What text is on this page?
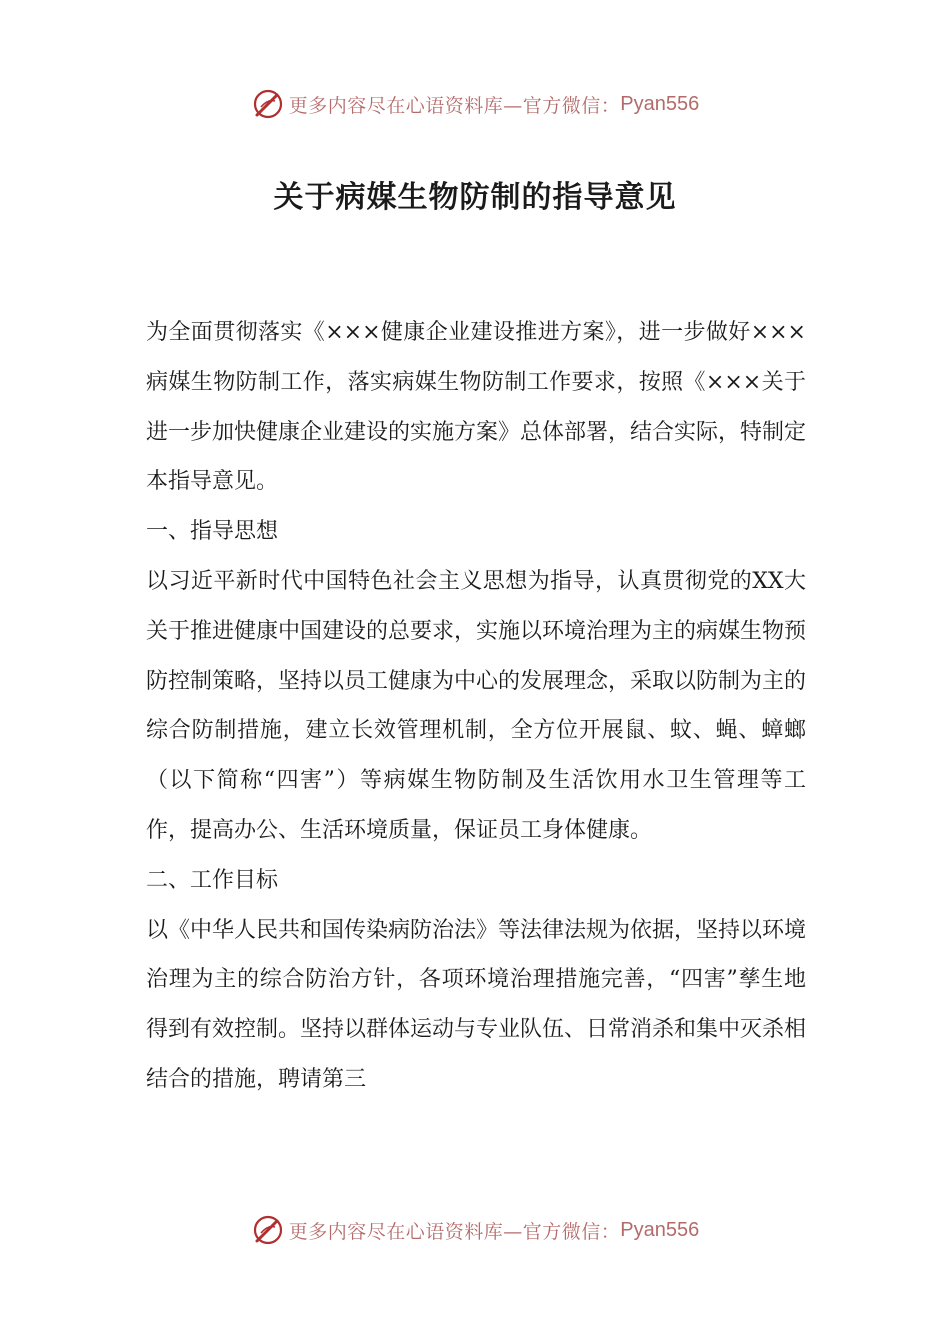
更多内容尽在心语资料库—官方微信： Pyan556
关于病媒生物防制的指导意见

为全面贯彻落实《×××健康企业建设推进方案》，进一步做好×××病媒生物防制工作，落实病媒生物防制工作要求，按照《×××关于进一步加快健康企业建设的实施方案》总体部署，结合实际，特制定本指导意见。

一、指导思想

以习近平新时代中国特色社会主义思想为指导，认真贯彻党的XX大关于推进健康中国建设的总要求，实施以环境治理为主的病媒生物预防控制策略，坚持以员工健康为中心的发展理念，采取以防制为主的综合防制措施，建立长效管理机制，全方位开展鼠、蚊、蝇、蟑螂（以下简称“四害”）等病媒生物防制及生活饮用水卫生管理等工作，提高办公、生活环境质量，保证员工身体健康。

二、工作目标

以《中华人民共和国传染病防治法》等法律法规为依据，坚持以环境治理为主的综合防治方针，各项环境治理措施完善，“四害”孳生地得到有效控制。坚持以群体运动与专业队伍、日常消杀和集中灭杀相结合的措施，聘请第三

更多内容尽在心语资料库—官方微信： Pyan556
